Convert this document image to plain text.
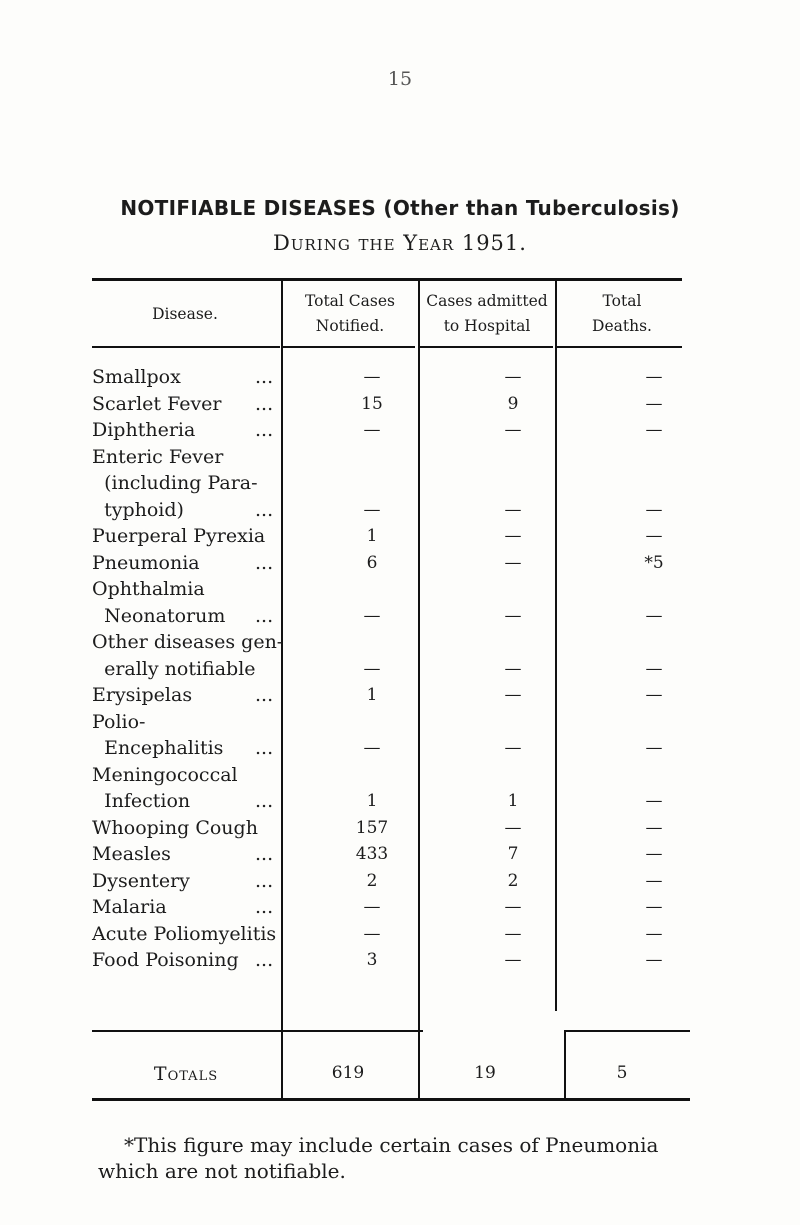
15
NOTIFIABLE DISEASES (Other than Tuberculosis)
During the Year 1951.
Disease.
Total Cases
Notified.
Cases admitted
to Hospital
Total
Deaths.
Smallpox	...	—	—	—
Scarlet Fever ...	15	9	—
Diphtheria	...	—	—	—
Enteric Fever
(including Para-
typhoid)	...	—	—	—
Puerperal Pyrexia	1	—	—
Pneumonia	...	6	—	*5
Ophthalmia
Neonatorum ...	—	—	—
Other diseases gen-
erally notifiable	—	—	—
Erysipelas	...	1	—	—
Polio-
Encephalitis ...	—	—	—
Meningococcal
Infection	...	1	1	—
Whooping Cough	157	—	—
Measles	...	433	7	—
Dysentery	...	2	2	—
Malaria	...	—	—	—
Acute Poliomyelitis	—	—	—
Food Poisoning ...	3	—	—
Totals	619	19	5
*This figure may include certain cases of Pneumonia
which are not notifiable.
